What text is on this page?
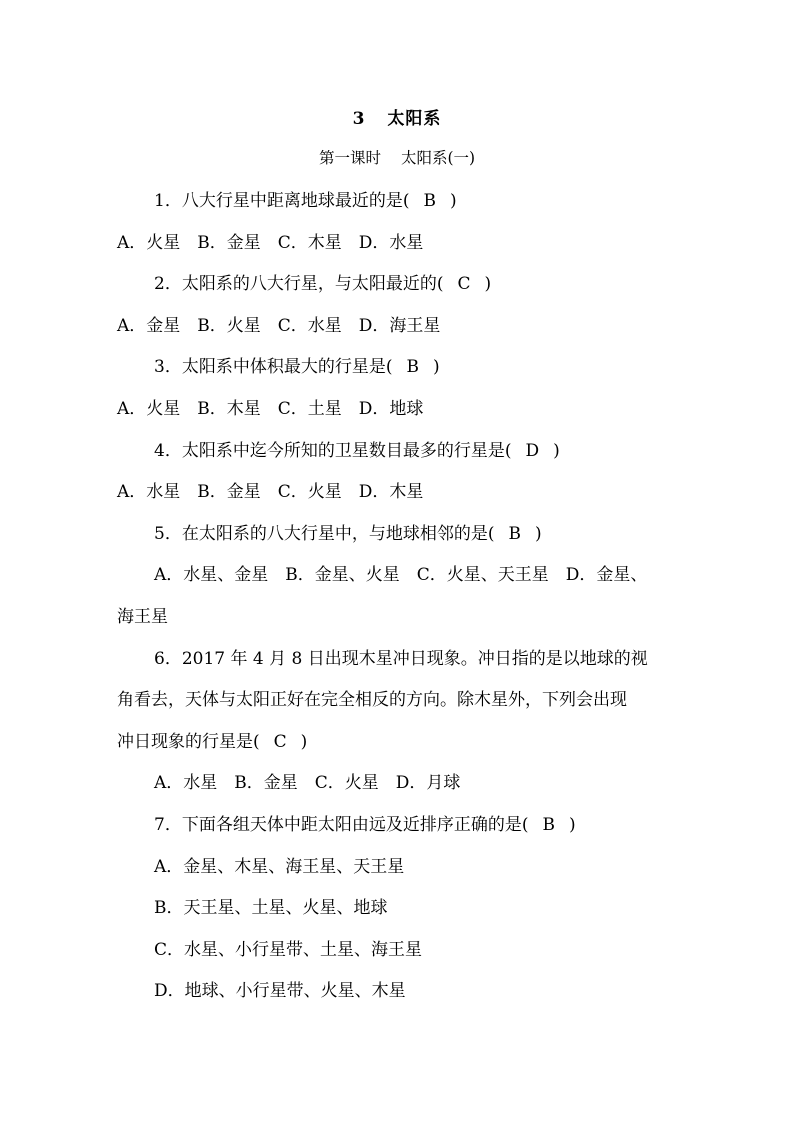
3 太阳系
第一课时 太阳系(一)
1．八大行星中距离地球最近的是( B )
A．火星　B．金星　C．木星　D．水星
2．太阳系的八大行星，与太阳最近的( C )
A．金星　B．火星　C．水星　D．海王星
3．太阳系中体积最大的行星是( B )
A．火星　B．木星　C．土星　D．地球
4．太阳系中迄今所知的卫星数目最多的行星是( D )
A．水星　B．金星　C．火星　D．木星
5．在太阳系的八大行星中，与地球相邻的是( B )
A．水星、金星　B．金星、火星　C．火星、天王星　D．金星、
海王星
6．2017 年 4 月 8 日出现木星冲日现象。冲日指的是以地球的视
角看去，天体与太阳正好在完全相反的方向。除木星外，下列会出现
冲日现象的行星是( C )
A．水星　B．金星　C．火星　D．月球
7．下面各组天体中距太阳由远及近排序正确的是( B )
A．金星、木星、海王星、天王星
B．天王星、土星、火星、地球
C．水星、小行星带、土星、海王星
D．地球、小行星带、火星、木星
